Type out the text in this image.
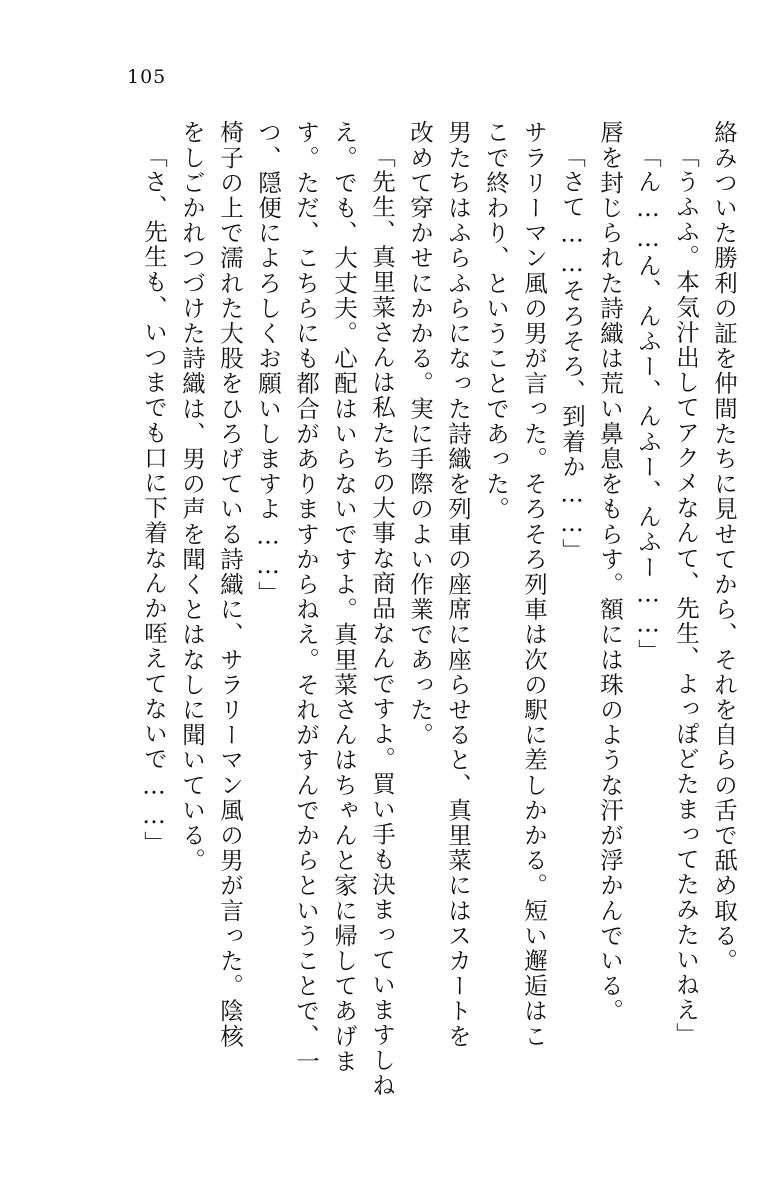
105
絡みついた勝利の証を仲間たちに見せてから、それを自らの舌で舐め取る。
「うふふ。本気汁出してアクメなんて、先生、よっぽどたまってたみたいねえ」
「ん……ん、んふー、んふー、んふー……」
唇を封じられた詩織は荒い鼻息をもらす。額には珠のような汗が浮かんでいる。
「さて……そろそろ、到着か……」
サラリーマン風の男が言った。そろそろ列車は次の駅に差しかかる。短い邂逅はこ
こで終わり、ということであった。
男たちはふらふらになった詩織を列車の座席に座らせると、真里菜にはスカートを
改めて穿かせにかかる。実に手際のよい作業であった。
「先生、真里菜さんは私たちの大事な商品なんですよ。買い手も決まっていますしね
え。でも、大丈夫。心配はいらないですよ。真里菜さんはちゃんと家に帰してあげま
す。ただ、こちらにも都合がありますからねえ。それがすんでからということで、一
つ、隠便によろしくお願いしますよ……」
椅子の上で濡れた大股をひろげている詩織に、サラリーマン風の男が言った。陰核
をしごかれつづけた詩織は、男の声を聞くとはなしに聞いている。
「さ、先生も、いつまでも口に下着なんか咥えてないで……」
